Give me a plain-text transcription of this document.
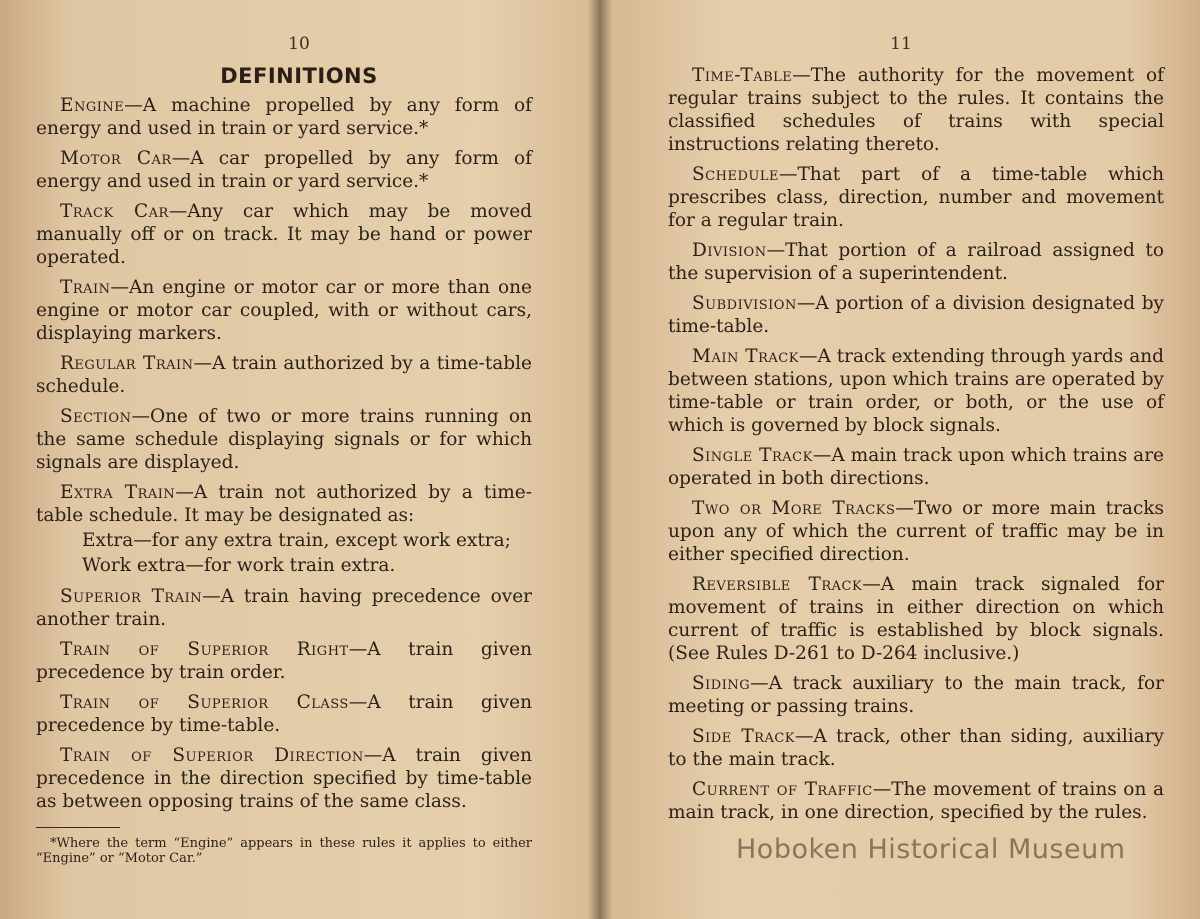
10
DEFINITIONS

Engine—A machine propelled by any form of energy and used in train or yard service.*

Motor Car—A car propelled by any form of energy and used in train or yard service.*

Track Car—Any car which may be moved manually off or on track. It may be hand or power operated.

Train—An engine or motor car or more than one engine or motor car coupled, with or without cars, displaying markers.

Regular Train—A train authorized by a time-table schedule.

Section—One of two or more trains running on the same schedule displaying signals or for which signals are displayed.

Extra Train—A train not authorized by a time-table schedule. It may be designated as:

Extra—for any extra train, except work extra;

Work extra—for work train extra.

Superior Train—A train having precedence over another train.

Train of Superior Right—A train given precedence by train order.

Train of Superior Class—A train given precedence by time-table.

Train of Superior Direction—A train given precedence in the direction specified by time-table as between opposing trains of the same class.

*Where the term “Engine” appears in these rules it applies to either “Engine” or “Motor Car.”

11

Time-Table—The authority for the movement of regular trains subject to the rules. It contains the classified schedules of trains with special instructions relating thereto.

Schedule—That part of a time-table which prescribes class, direction, number and movement for a regular train.

Division—That portion of a railroad assigned to the supervision of a superintendent.

Subdivision—A portion of a division designated by time-table.

Main Track—A track extending through yards and between stations, upon which trains are operated by time-table or train order, or both, or the use of which is governed by block signals.

Single Track—A main track upon which trains are operated in both directions.

Two or More Tracks—Two or more main tracks upon any of which the current of traffic may be in either specified direction.

Reversible Track—A main track signaled for movement of trains in either direction on which current of traffic is established by block signals. (See Rules D-261 to D-264 inclusive.)

Siding—A track auxiliary to the main track, for meeting or passing trains.

Side Track—A track, other than siding, auxiliary to the main track.

Current of Traffic—The movement of trains on a main track, in one direction, specified by the rules.

Hoboken Historical Museum
